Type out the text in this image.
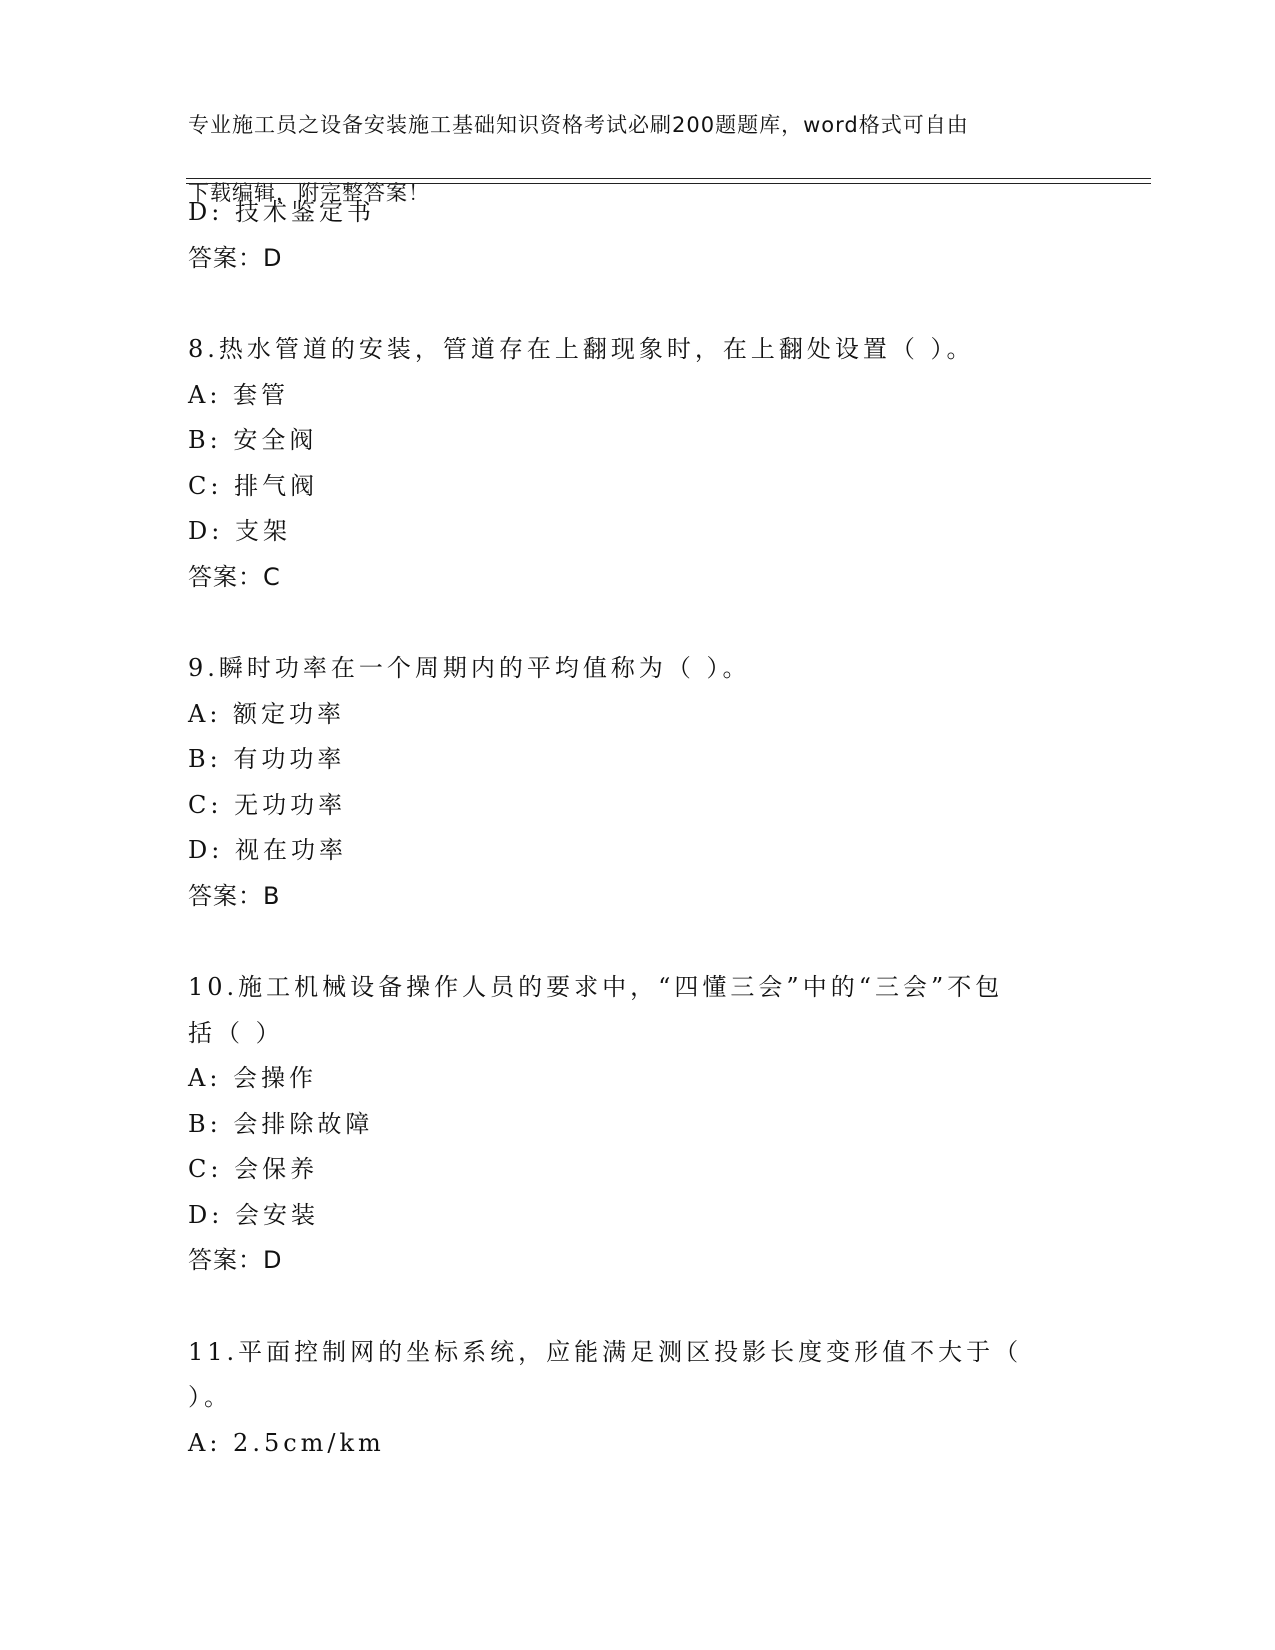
专业施工员之设备安装施工基础知识资格考试必刷200题题库，word格式可自由

下载编辑，附完整答案！

D: 技术鉴定书
答案：D
8.热水管道的安装，管道存在上翻现象时，在上翻处设置（ ）。
A: 套管
B: 安全阀
C: 排气阀
D: 支架
答案：C
9.瞬时功率在一个周期内的平均值称为（ ）。
A: 额定功率
B: 有功功率
C: 无功功率
D: 视在功率
答案：B
10.施工机械设备操作人员的要求中，“四懂三会”中的“三会”不包
括（ ）
A: 会操作
B: 会排除故障
C: 会保养
D: 会安装
答案：D
11.平面控制网的坐标系统，应能满足测区投影长度变形值不大于（
）。
A: 2.5cm/km
